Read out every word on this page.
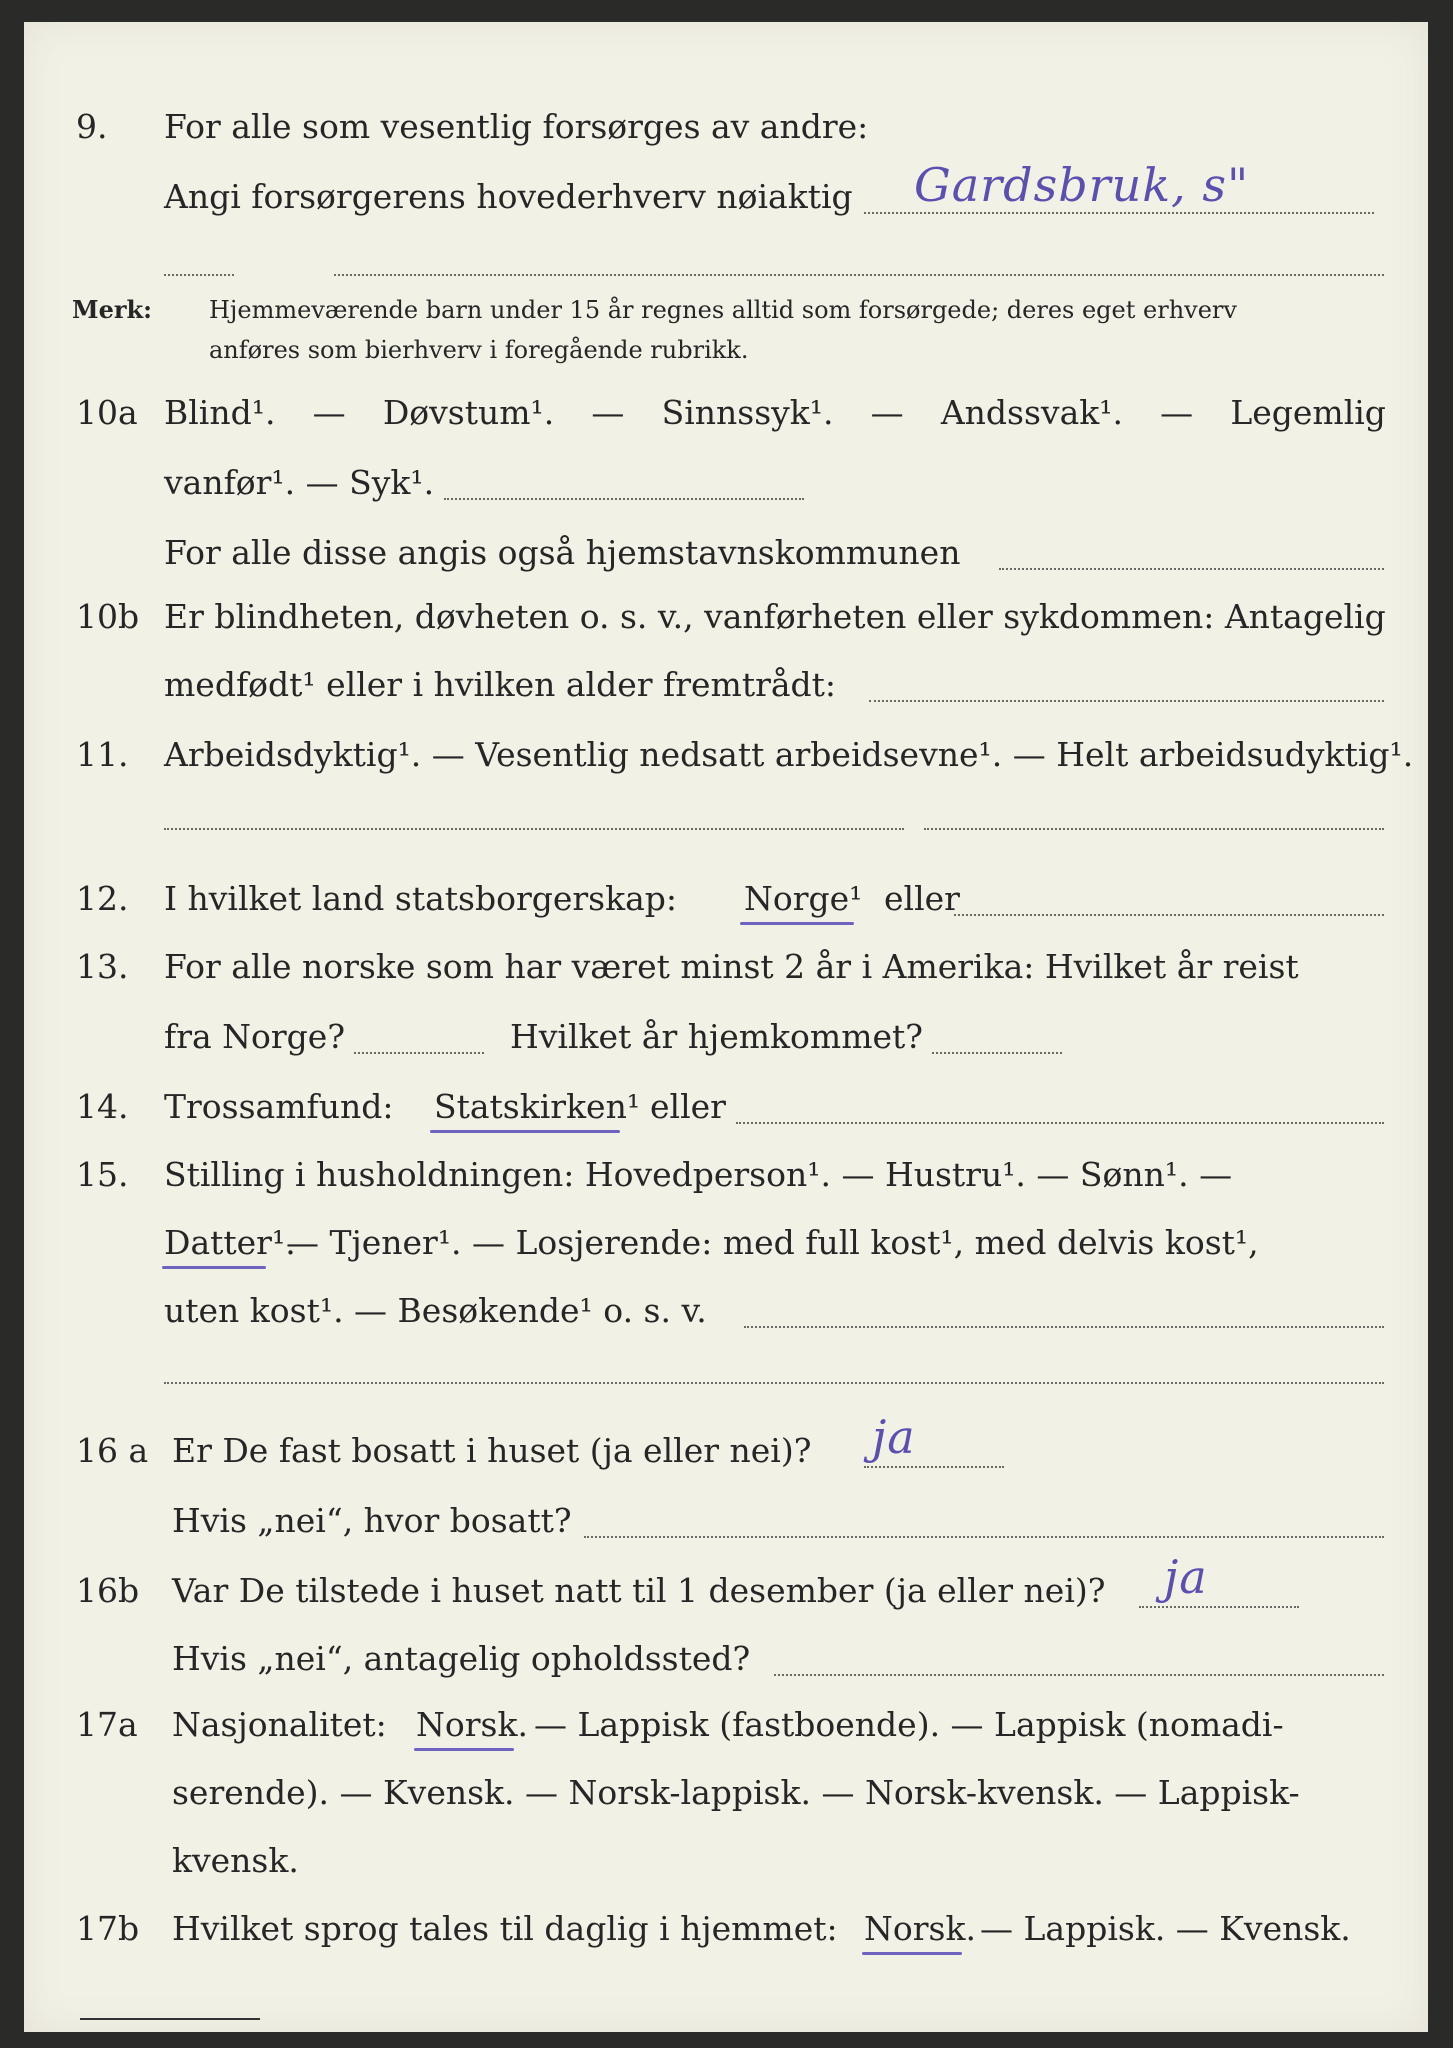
9. For alle som vesentlig forsørges av andre:
Angi forsørgerens hovederhverv nøiaktig Gardsbruk, s"
Merk: Hjemmeværende barn under 15 år regnes alltid som forsørgede; deres eget erhverv
anføres som bierhverv i foregående rubrikk.
10a Blind¹. — Døvstum¹. — Sinnssyk¹. — Andssvak¹. — Legemlig
vanfør¹. — Syk¹.
For alle disse angis også hjemstavnskommunen
10b Er blindheten, døvheten o. s. v., vanførheten eller sykdommen: Antagelig
medfødt¹ eller i hvilken alder fremtrådt:
11. Arbeidsdyktig¹. — Vesentlig nedsatt arbeidsevne¹. — Helt arbeidsudyktig¹.
12. I hvilket land statsborgerskap: Norge¹ eller
13. For alle norske som har været minst 2 år i Amerika: Hvilket år reist
fra Norge?	Hvilket år hjemkommet?
14. Trossamfund: Statskirken¹ eller
15. Stilling i husholdningen: Hovedperson¹. — Hustru¹. — Sønn¹. —
Datter¹.
— Tjener¹. — Losjerende: med full kost¹, med delvis kost¹,
uten kost¹. — Besøkende¹ o. s. v.
16 a Er De fast bosatt i huset (ja eller nei)? ja
Hvis „nei“, hvor bosatt?
16b Var De tilstede i huset natt til 1 desember (ja eller nei)? ja
Hvis „nei“, antagelig opholdssted?
17a Nasjonalitet: Norsk. — Lappisk (fastboende). — Lappisk (nomadi-
serende). — Kvensk. — Norsk-lappisk. — Norsk-kvensk. — Lappisk-
kvensk.
17b Hvilket sprog tales til daglig i hjemmet: Norsk. — Lappisk. — Kvensk.
